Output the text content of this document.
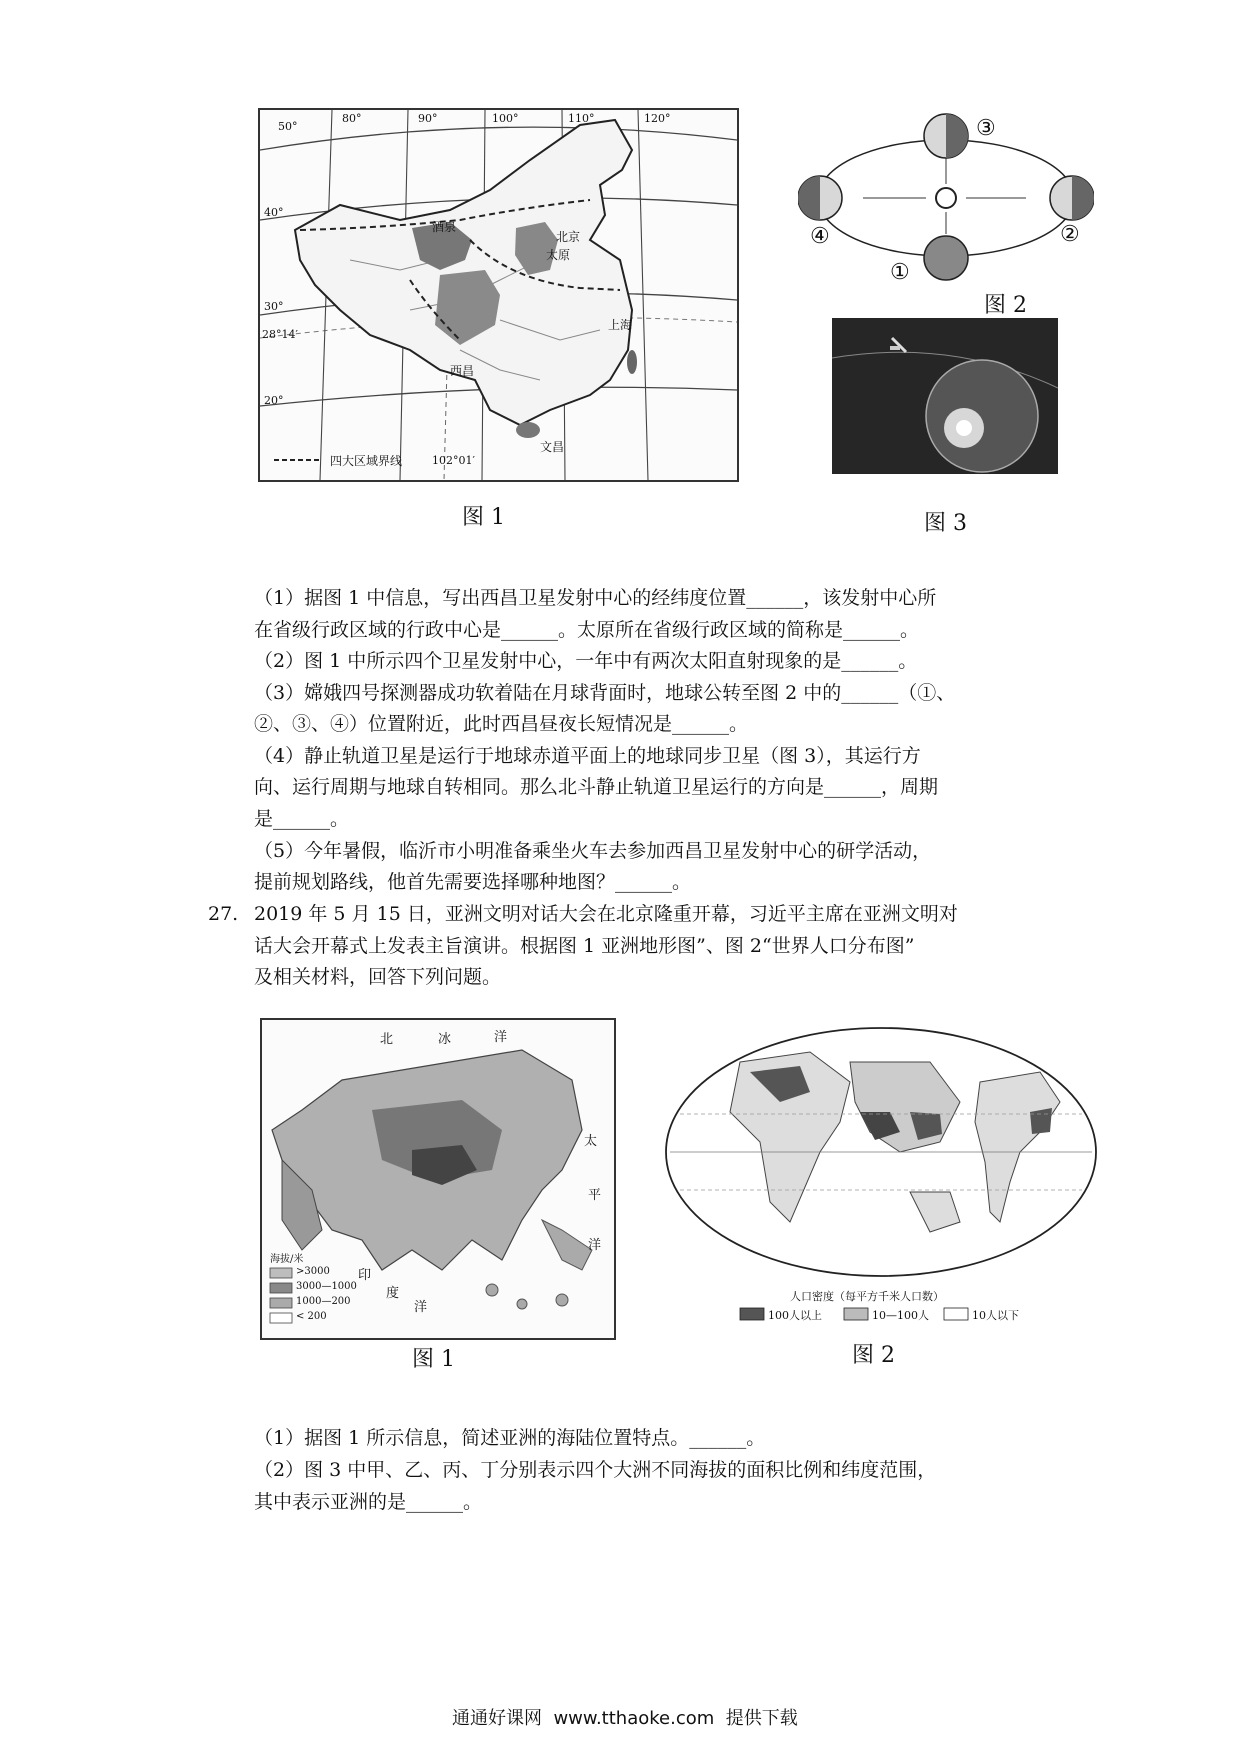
50°
40°
30°
28°14′
20°
80°	90°	100°	110°	120°
102°01′
酒泉
北京
太原
上海
西昌
文昌
四大区域界线
图 1
③
②
④
①
图 2
图 3
（1）据图 1 中信息，写出西昌卫星发射中心的经纬度位置______，该发射中心所
在省级行政区域的行政中心是______。太原所在省级行政区域的简称是______。
（2）图 1 中所示四个卫星发射中心，一年中有两次太阳直射现象的是______。
（3）嫦娥四号探测器成功软着陆在月球背面时，地球公转至图 2 中的______（①、
②、③、④）位置附近，此时西昌昼夜长短情况是______。
（4）静止轨道卫星是运行于地球赤道平面上的地球同步卫星（图 3），其运行方
向、运行周期与地球自转相同。那么北斗静止轨道卫星运行的方向是______，周期
是______。
（5）今年暑假，临沂市小明准备乘坐火车去参加西昌卫星发射中心的研学活动，
提前规划路线，他首先需要选择哪种地图？______。
27. 2019 年 5 月 15 日，亚洲文明对话大会在北京隆重开幕，习近平主席在亚洲文明对
话大会开幕式上发表主旨演讲。根据图 1 亚洲地形图”、图 2“世界人口分布图”
及相关材料，回答下列问题。
北	冰	洋
太
平
洋
印
度
洋
海拔/米
>3000
3000—1000
1000—200
< 200
图 1
人口密度（每平方千米人口数）
100人以上	10—100人	10人以下
图 2
（1）据图 1 所示信息，简述亚洲的海陆位置特点。______。
（2）图 3 中甲、乙、丙、丁分别表示四个大洲不同海拔的面积比例和纬度范围，
其中表示亚洲的是______。
通通好课网  www.tthaoke.com  提供下载
